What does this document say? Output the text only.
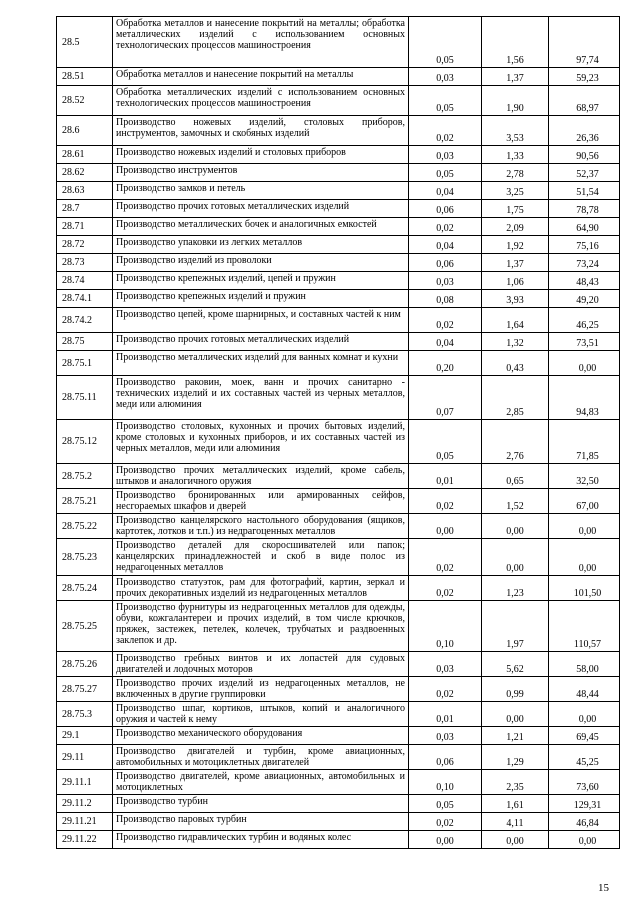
28.5	Обработка металлов и нанесение покрытий на металлы; обработка металлических изделий с использованием основных технологических процессов машиностроения	0,05	1,56	97,74
28.51	Обработка металлов и нанесение покрытий на металлы	0,03	1,37	59,23
28.52	Обработка металлических изделий с использованием основных технологических процессов машиностроения	0,05	1,90	68,97
28.6	Производство ножевых изделий, столовых приборов, инструментов, замочных и скобяных изделий	0,02	3,53	26,36
28.61	Производство ножевых изделий и столовых приборов	0,03	1,33	90,56
28.62	Производство инструментов	0,05	2,78	52,37
28.63	Производство замков и петель	0,04	3,25	51,54
28.7	Производство прочих готовых металлических изделий	0,06	1,75	78,78
28.71	Производство металлических бочек и аналогичных емкостей	0,02	2,09	64,90
28.72	Производство упаковки из легких металлов	0,04	1,92	75,16
28.73	Производство изделий из проволоки	0,06	1,37	73,24
28.74	Производство крепежных изделий, цепей и пружин	0,03	1,06	48,43
28.74.1	Производство крепежных изделий и пружин	0,08	3,93	49,20
28.74.2	Производство цепей, кроме шарнирных, и составных частей к ним	0,02	1,64	46,25
28.75	Производство прочих готовых металлических изделий	0,04	1,32	73,51
28.75.1	Производство металлических изделий для ванных комнат и кухни	0,20	0,43	0,00
28.75.11	Производство раковин, моек, ванн и прочих санитарно - технических изделий и их составных частей из черных металлов, меди или алюминия	0,07	2,85	94,83
28.75.12	Производство столовых, кухонных и прочих бытовых изделий, кроме столовых и кухонных приборов, и их составных частей из черных металлов, меди или алюминия	0,05	2,76	71,85
28.75.2	Производство прочих металлических изделий, кроме сабель, штыков и аналогичного оружия	0,01	0,65	32,50
28.75.21	Производство бронированных или армированных сейфов, несгораемых шкафов и дверей	0,02	1,52	67,00
28.75.22	Производство канцелярского настольного оборудования (ящиков, картотек, лотков и т.п.) из недрагоценных металлов	0,00	0,00	0,00
28.75.23	Производство деталей для скоросшивателей или папок; канцелярских принадлежностей и скоб в виде полос из недрагоценных металлов	0,02	0,00	0,00
28.75.24	Производство статуэток, рам для фотографий, картин, зеркал и прочих декоративных изделий из недрагоценных металлов	0,02	1,23	101,50
28.75.25	Производство фурнитуры из недрагоценных металлов для одежды, обуви, кожгалантереи и прочих изделий, в том числе крючков, пряжек, застежек, петелек, колечек, трубчатых и раздвоенных заклепок и др.	0,10	1,97	110,57
28.75.26	Производство гребных винтов и их лопастей для судовых двигателей и лодочных моторов	0,03	5,62	58,00
28.75.27	Производство прочих изделий из недрагоценных металлов, не включенных в другие группировки	0,02	0,99	48,44
28.75.3	Производство шпаг, кортиков, штыков, копий и аналогичного оружия и частей к нему	0,01	0,00	0,00
29.1	Производство механического оборудования	0,03	1,21	69,45
29.11	Производство двигателей и турбин, кроме авиационных, автомобильных и мотоциклетных двигателей	0,06	1,29	45,25
29.11.1	Производство двигателей, кроме авиационных, автомобильных и мотоциклетных	0,10	2,35	73,60
29.11.2	Производство турбин	0,05	1,61	129,31
29.11.21	Производство паровых турбин	0,02	4,11	46,84
29.11.22	Производство гидравлических турбин и водяных колес	0,00	0,00	0,00
15
